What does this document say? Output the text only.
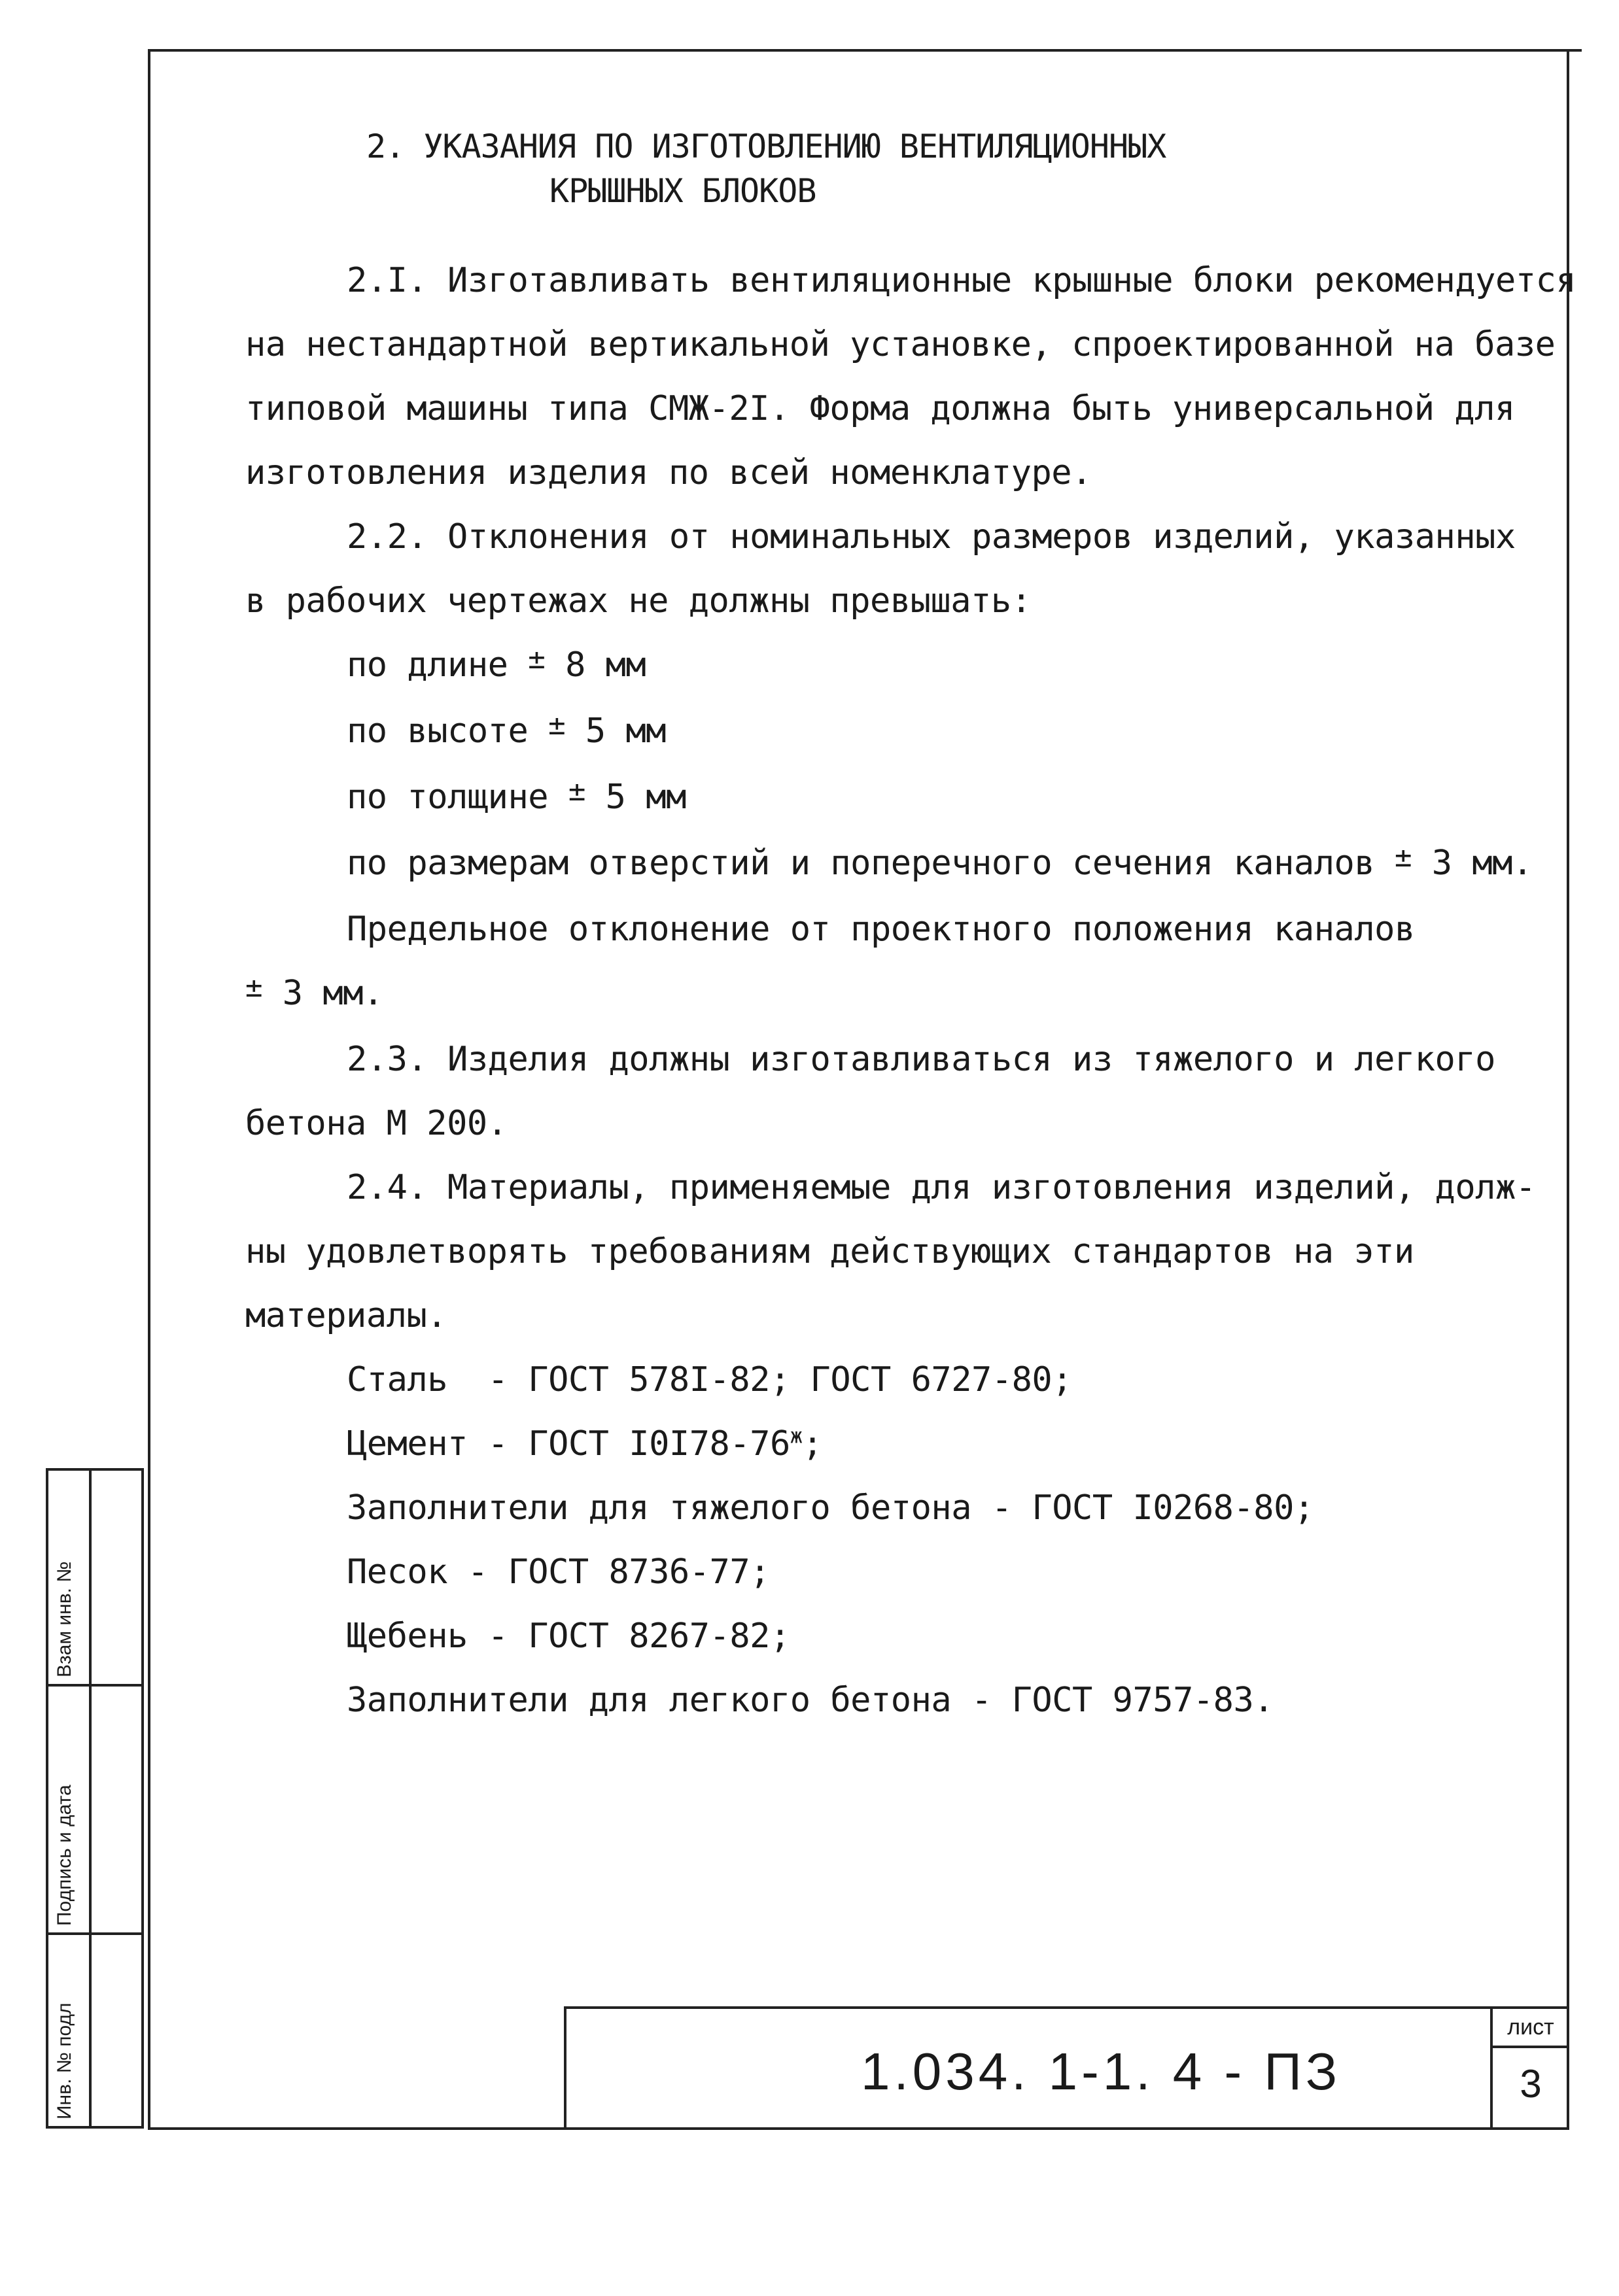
2. УКАЗАНИЯ ПО ИЗГОТОВЛЕНИЮ ВЕНТИЛЯЦИОННЫХ
КРЫШНЫХ БЛОКОВ
2.I. Изготавливать вентиляционные крышные блоки рекомендуется
на нестандартной вертикальной установке, спроектированной на базе
типовой машины типа СМЖ-2I. Форма должна быть универсальной для
изготовления изделия по всей номенклатуре.
2.2. Отклонения от номинальных размеров изделий, указанных
в рабочих чертежах не должны превышать:
по длине ± 8 мм
по высоте ± 5 мм
по толщине ± 5 мм
по размерам отверстий и поперечного сечения каналов ± 3 мм.
Предельное отклонение от проектного положения каналов
± 3 мм.
2.3. Изделия должны изготавливаться из тяжелого и легкого
бетона М 200.
2.4. Материалы, применяемые для изготовления изделий, долж-
ны удовлетворять требованиям действующих стандартов на эти
материалы.
Сталь  - ГОСТ 578I-82; ГОСТ 6727-80;
Цемент - ГОСТ $I0I78-76^ж$;
Заполнители для тяжелого бетона - ГОСТ I0268-80;
Песок - ГОСТ 8736-77;
Щебень - ГОСТ 8267-82;
Заполнители для легкого бетона - ГОСТ 9757-83.
Взам инв. №
Подпись и дата
Инв. № подл	1.034. 1-1. 4 - ПЗ
лист
3
